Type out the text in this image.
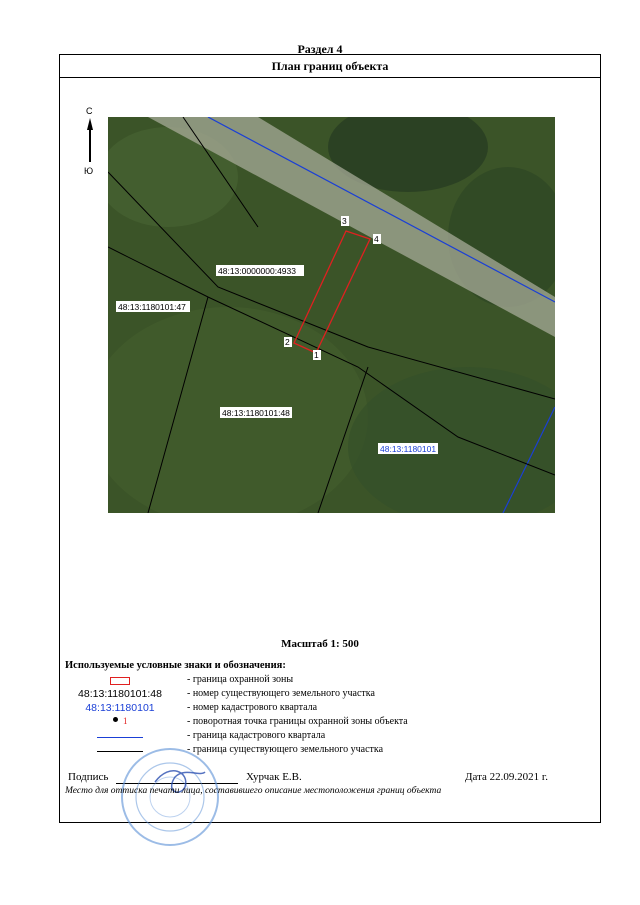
Раздел 4
План границ объекта
С
Ю
3
4
2
1
48:13:0000000:4933
48:13:1180101:47
48:13:1180101:48
48:13:1180101
Масштаб 1: 500
Используемые условные знаки и обозначения:
- граница охранной зоны
48:13:1180101:48	- номер существующего земельного участка
48:13:1180101	- номер кадастрового квартала
1	- поворотная точка границы охранной зоны объекта
- граница кадастрового квартала
- граница существующего земельного участка
Подпись	Хурчак Е.В.	Дата 22.09.2021 г.
Место для оттиска печати лица, составившего описание местоположения границ объекта
